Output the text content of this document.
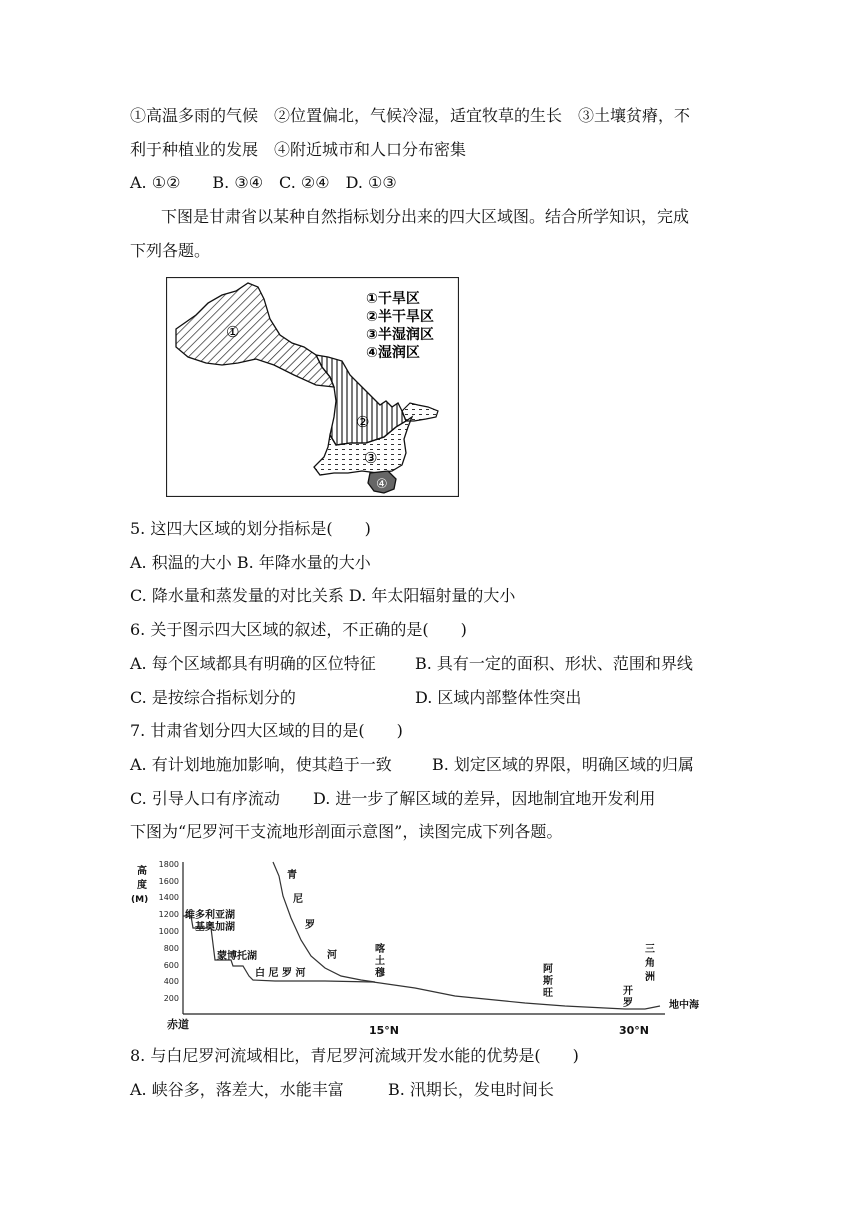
①高温多雨的气候　②位置偏北，气候冷湿，适宜牧草的生长　③土壤贫瘠，不
利于种植业的发展　④附近城市和人口分布密集
A. ①②　　B. ③④　C. ②④　D. ①③
下图是甘肃省以某种自然指标划分出来的四大区域图。结合所学知识，完成
下列各题。
①
②
③
④
①干旱区
②半干旱区
③半湿润区
④湿润区
5. 这四大区域的划分指标是(　　)
A. 积温的大小 B. 年降水量的大小
C. 降水量和蒸发量的对比关系 D. 年太阳辐射量的大小
6. 关于图示四大区域的叙述，不正确的是(　　)
A. 每个区域都具有明确的区位特征 B. 具有一定的面积、形状、范围和界线
C. 是按综合指标划分的	D. 区域内部整体性突出
7. 甘肃省划分四大区域的目的是(　　)
A. 有计划地施加影响，使其趋于一致	B. 划定区域的界限，明确区域的归属
C. 引导人口有序流动 D. 进一步了解区域的差异，因地制宜地开发利用
下图为“尼罗河干支流地形剖面示意图”，读图完成下列各题。
1800
1600
1400
1200
1000
800
600
400
200
高
度
(M)
维多利亚湖
基奥加湖
蒙博托湖
白 尼 罗 河
青
尼
罗
河
喀
土
穆	阿
斯
旺	开
罗
三
角
洲
地中海
赤道	15°N	30°N
8. 与白尼罗河流域相比，青尼罗河流域开发水能的优势是(　　)
A. 峡谷多，落差大，水能丰富	B. 汛期长，发电时间长
